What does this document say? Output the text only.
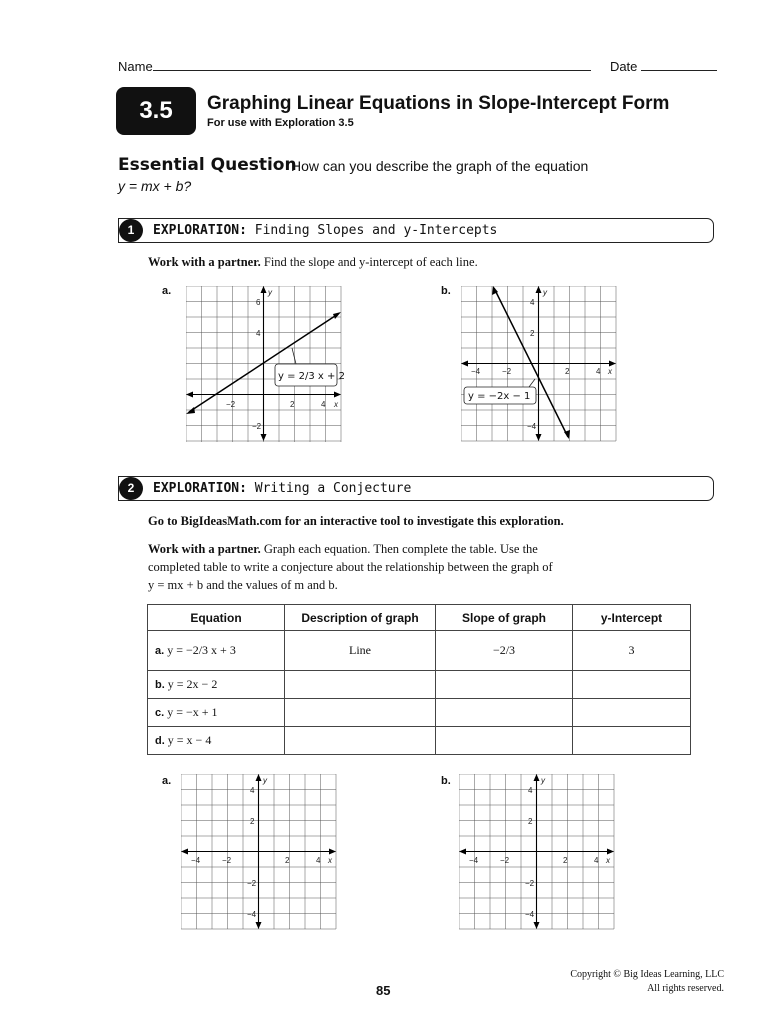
Name	Date
3.5	Graphing Linear Equations in Slope-Intercept Form
For use with Exploration 3.5
Essential Question
How can you describe the graph of the equation
y = mx + b?
1	EXPLORATION: Finding Slopes and y-Intercepts
Work with a partner. Find the slope and y-intercept of each line.
a.	b.
−2	2	4 x
6
4
−2
y
y = 2/3 x + 2	−4	−2	2	4 x
4
2
−4
y
y = −2x − 1
2	EXPLORATION: Writing a Conjecture
Go to BigIdeasMath.com for an interactive tool to investigate this exploration.
Work with a partner. Graph each equation. Then complete the table. Use the
completed table to write a conjecture about the relationship between the graph of
y = mx + b and the values of m and b.
Equation	Description of graph	Slope of graph	y-Intercept
a. y = −2/3 x + 3	Line	−2/3	3
b. y = 2x − 2			
c. y = −x + 1			
d. y = x − 4			
a.	b.
−4	−2	2	4 x
4
2
−2
−4
y
−4	−2	2	4 x
4
2
−2
−4
y
Copyright © Big Ideas Learning, LLC
All rights reserved.
85
